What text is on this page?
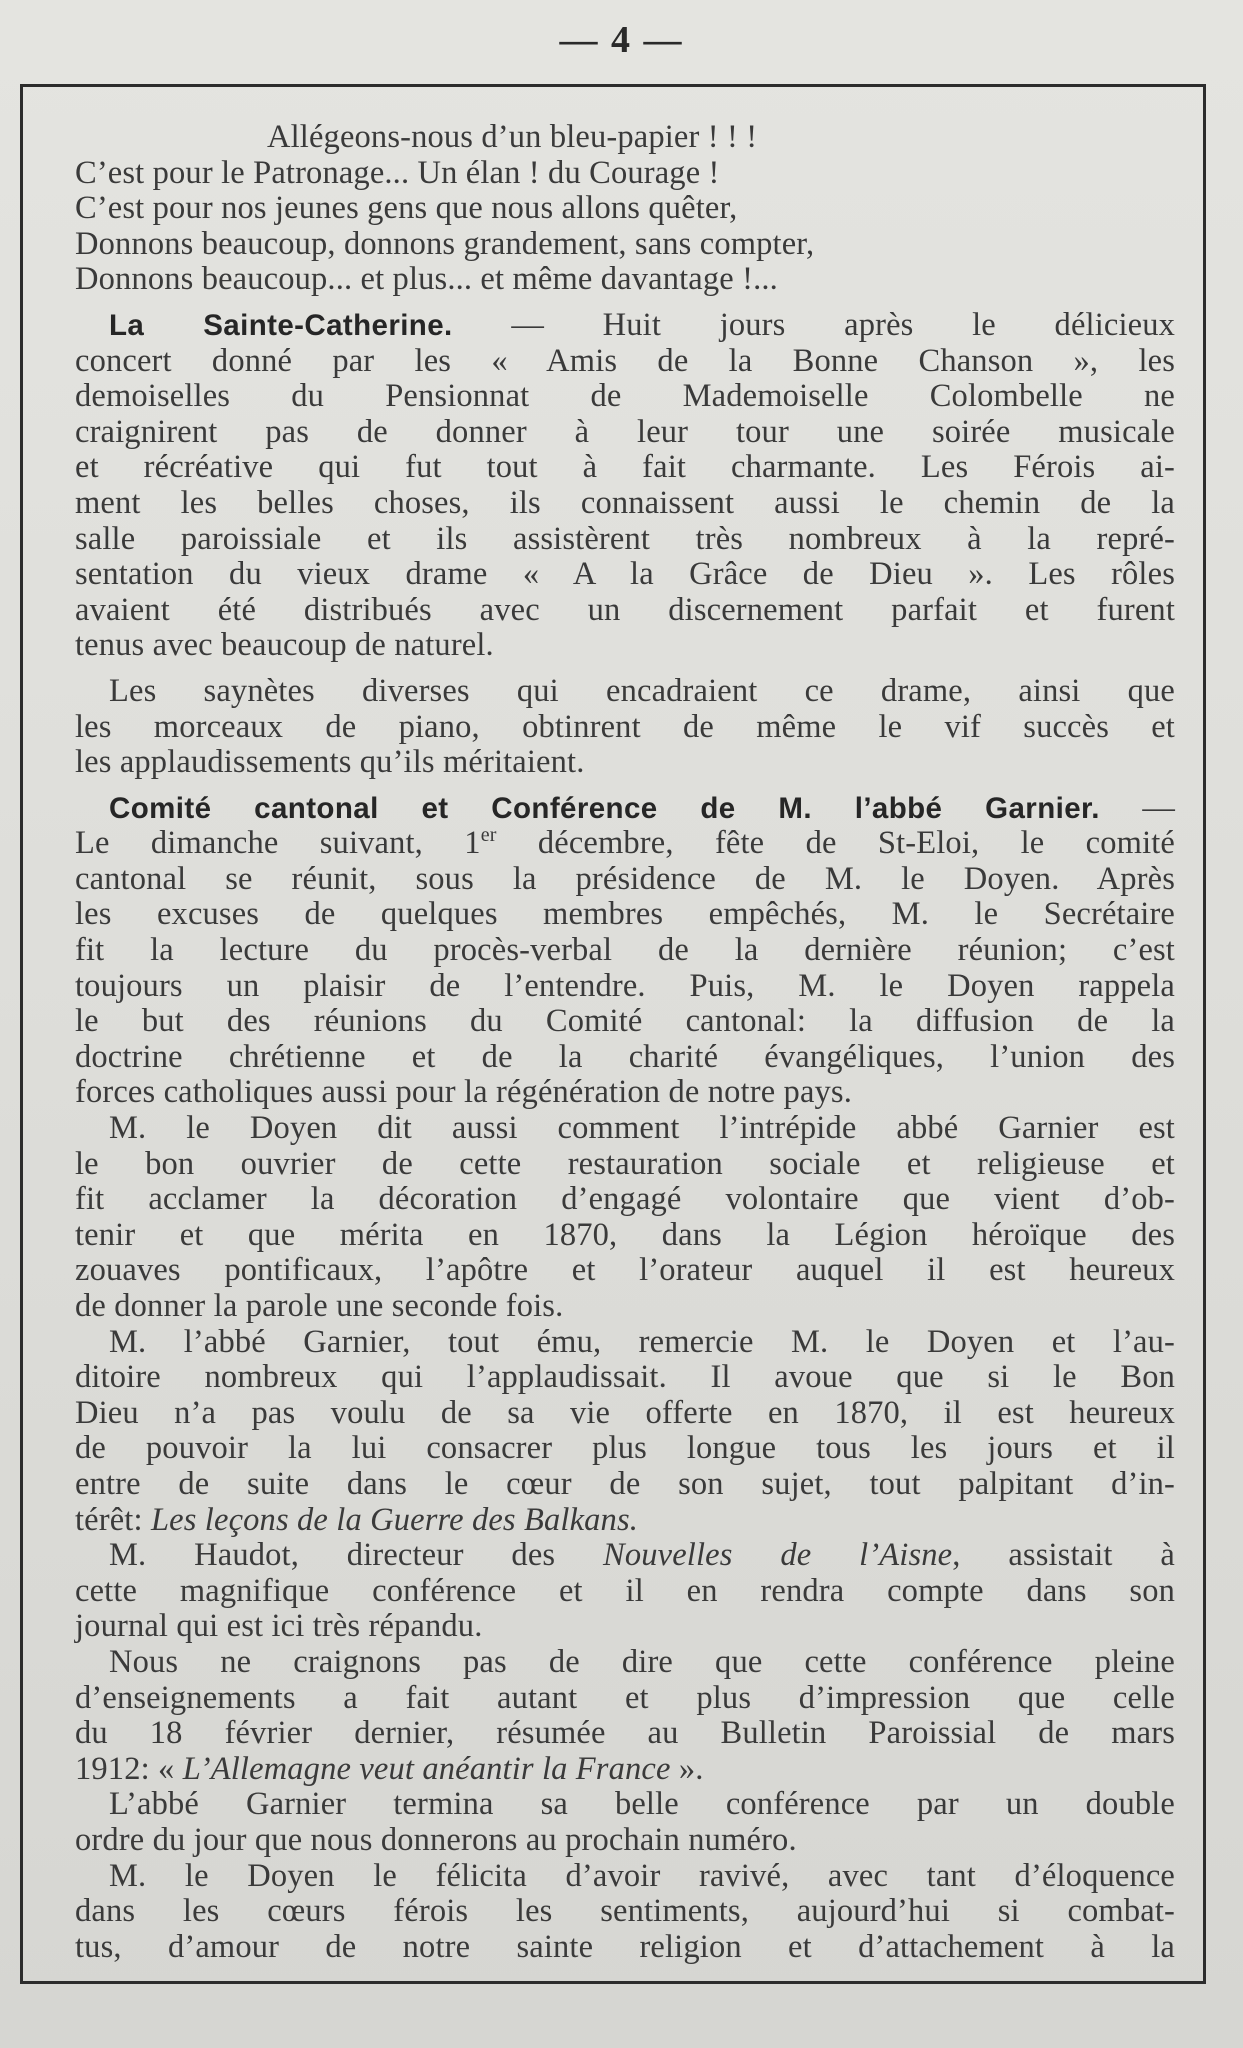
— 4 —
Allégeons-nous d’un bleu-papier ! ! !
C’est pour le Patronage... Un élan ! du Courage !
C’est pour nos jeunes gens que nous allons quêter,
Donnons beaucoup, donnons grandement, sans compter,
Donnons beaucoup... et plus... et même davantage !...
La Sainte-Catherine. — Huit jours après le délicieux
concert donné par les « Amis de la Bonne Chanson », les
demoiselles du Pensionnat de Mademoiselle Colombelle ne
craignirent pas de donner à leur tour une soirée musicale
et récréative qui fut tout à fait charmante. Les Férois ai-
ment les belles choses, ils connaissent aussi le chemin de la
salle paroissiale et ils assistèrent très nombreux à la repré-
sentation du vieux drame « A la Grâce de Dieu ». Les rôles
avaient été distribués avec un discernement parfait et furent
tenus avec beaucoup de naturel.
Les saynètes diverses qui encadraient ce drame, ainsi que
les morceaux de piano, obtinrent de même le vif succès et
les applaudissements qu’ils méritaient.
Comité cantonal et Conférence de M. l’abbé Garnier. —
Le dimanche suivant, 1er décembre, fête de St-Eloi, le comité
cantonal se réunit, sous la présidence de M. le Doyen. Après
les excuses de quelques membres empêchés, M. le Secrétaire
fit la lecture du procès-verbal de la dernière réunion; c’est
toujours un plaisir de l’entendre. Puis, M. le Doyen rappela
le but des réunions du Comité cantonal: la diffusion de la
doctrine chrétienne et de la charité évangéliques, l’union des
forces catholiques aussi pour la régénération de notre pays.
M. le Doyen dit aussi comment l’intrépide abbé Garnier est
le bon ouvrier de cette restauration sociale et religieuse et
fit acclamer la décoration d’engagé volontaire que vient d’ob-
tenir et que mérita en 1870, dans la Légion héroïque des
zouaves pontificaux, l’apôtre et l’orateur auquel il est heureux
de donner la parole une seconde fois.
M. l’abbé Garnier, tout ému, remercie M. le Doyen et l’au-
ditoire nombreux qui l’applaudissait. Il avoue que si le Bon
Dieu n’a pas voulu de sa vie offerte en 1870, il est heureux
de pouvoir la lui consacrer plus longue tous les jours et il
entre de suite dans le cœur de son sujet, tout palpitant d’in-
térêt: Les leçons de la Guerre des Balkans.
M. Haudot, directeur des Nouvelles de l’Aisne, assistait à
cette magnifique conférence et il en rendra compte dans son
journal qui est ici très répandu.
Nous ne craignons pas de dire que cette conférence pleine
d’enseignements a fait autant et plus d’impression que celle
du 18 février dernier, résumée au Bulletin Paroissial de mars
1912: « L’Allemagne veut anéantir la France ».
L’abbé Garnier termina sa belle conférence par un double
ordre du jour que nous donnerons au prochain numéro.
M. le Doyen le félicita d’avoir ravivé, avec tant d’éloquence
dans les cœurs férois les sentiments, aujourd’hui si combat-
tus, d’amour de notre sainte religion et d’attachement à la
